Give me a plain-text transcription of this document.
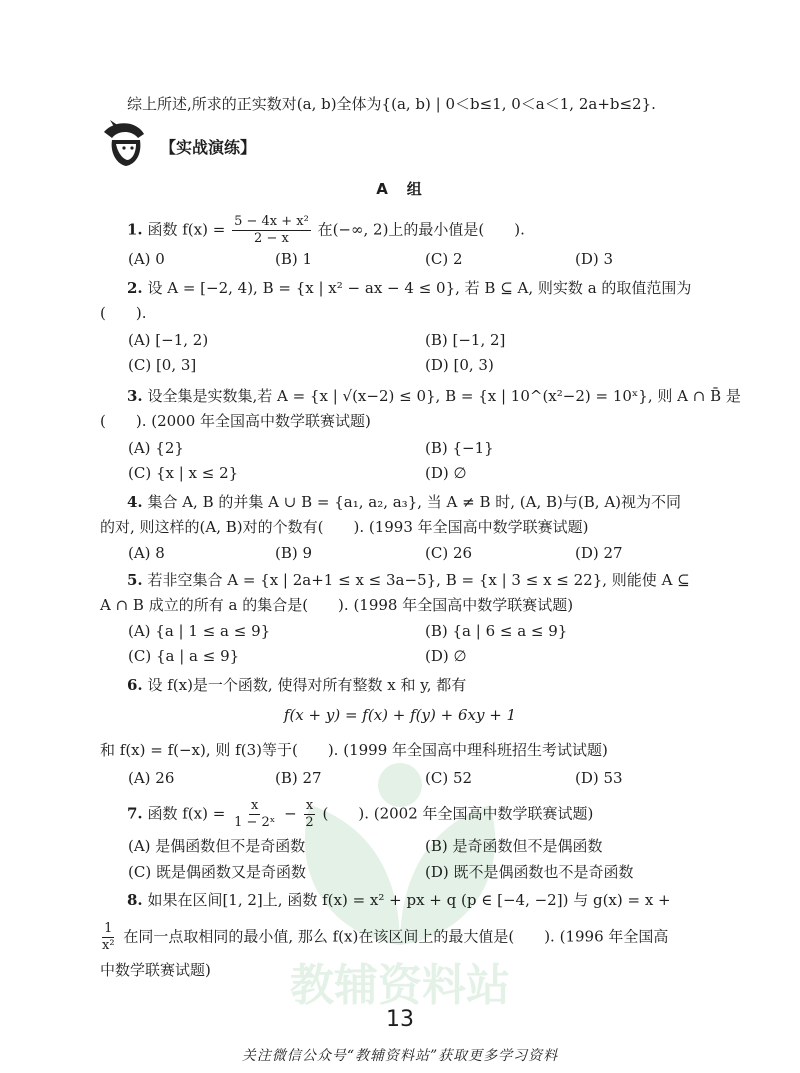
教辅资料站
综上所述,所求的正实数对(a, b)全体为{(a, b) | 0＜b≤1, 0＜a＜1, 2a+b≤2}.
【实战演练】
A　组
1. 函数 $f(x) = \frac{\text{5 − 4x + x²}}{2 - x}$ 在(−∞, 2)上的最小值是(　　).
(A) 0	(B) 1	(C) 2	(D) 3
2. 设 A = [−2, 4), B = {x | x² − ax − 4 ≤ 0}, 若 B ⊆ A, 则实数 a 的取值范围为
(　　).
(A) [−1, 2)	(B) [−1, 2]
(C) [0, 3]	(D) [0, 3)
3. 设全集是实数集,若 A = {x | √(x−2) ≤ 0}, B = {x | 10^(x²−2) = 10ˣ}, 则 A ∩ B̄ 是
(　　). (2000 年全国高中数学联赛试题)
(A) {2}	(B) {−1}
(C) {x | x ≤ 2}	(D) ∅
4. 集合 A, B 的并集 A ∪ B = {a₁, a₂, a₃}, 当 A ≠ B 时, (A, B)与(B, A)视为不同
的对, 则这样的(A, B)对的个数有(　　). (1993 年全国高中数学联赛试题)
(A) 8	(B) 9	(C) 26	(D) 27
5. 若非空集合 A = {x | 2a+1 ≤ x ≤ 3a−5}, B = {x | 3 ≤ x ≤ 22}, 则能使 A ⊆
A ∩ B 成立的所有 a 的集合是(　　). (1998 年全国高中数学联赛试题)
(A) {a | 1 ≤ a ≤ 9}	(B) {a | 6 ≤ a ≤ 9}
(C) {a | a ≤ 9}	(D) ∅
6. 设 f(x)是一个函数, 使得对所有整数 x 和 y, 都有
f(x + y) = f(x) + f(y) + 6xy + 1
和 f(x) = f(−x), 则 f(3)等于(　　). (1999 年全国高中理科班招生考试试题)
(A) 26	(B) 27	(C) 52	(D) 53
7. 函数 $f(x) = \frac{x}{\text{1 − 2ˣ}} - \frac{x}{2}$ (　　). (2002 年全国高中数学联赛试题)
(A) 是偶函数但不是奇函数	(B) 是奇函数但不是偶函数
(C) 既是偶函数又是奇函数	(D) 既不是偶函数也不是奇函数
8. 如果在区间[1, 2]上, 函数 f(x) = x² + px + q (p ∈ [−4, −2]) 与 g(x) = x +
$\frac{1}{\text{x²}}$ 在同一点取相同的最小值, 那么 f(x)在该区间上的最大值是(　　). (1996 年全国高
中数学联赛试题)
13
关注微信公众号“教辅资料站”获取更多学习资料
